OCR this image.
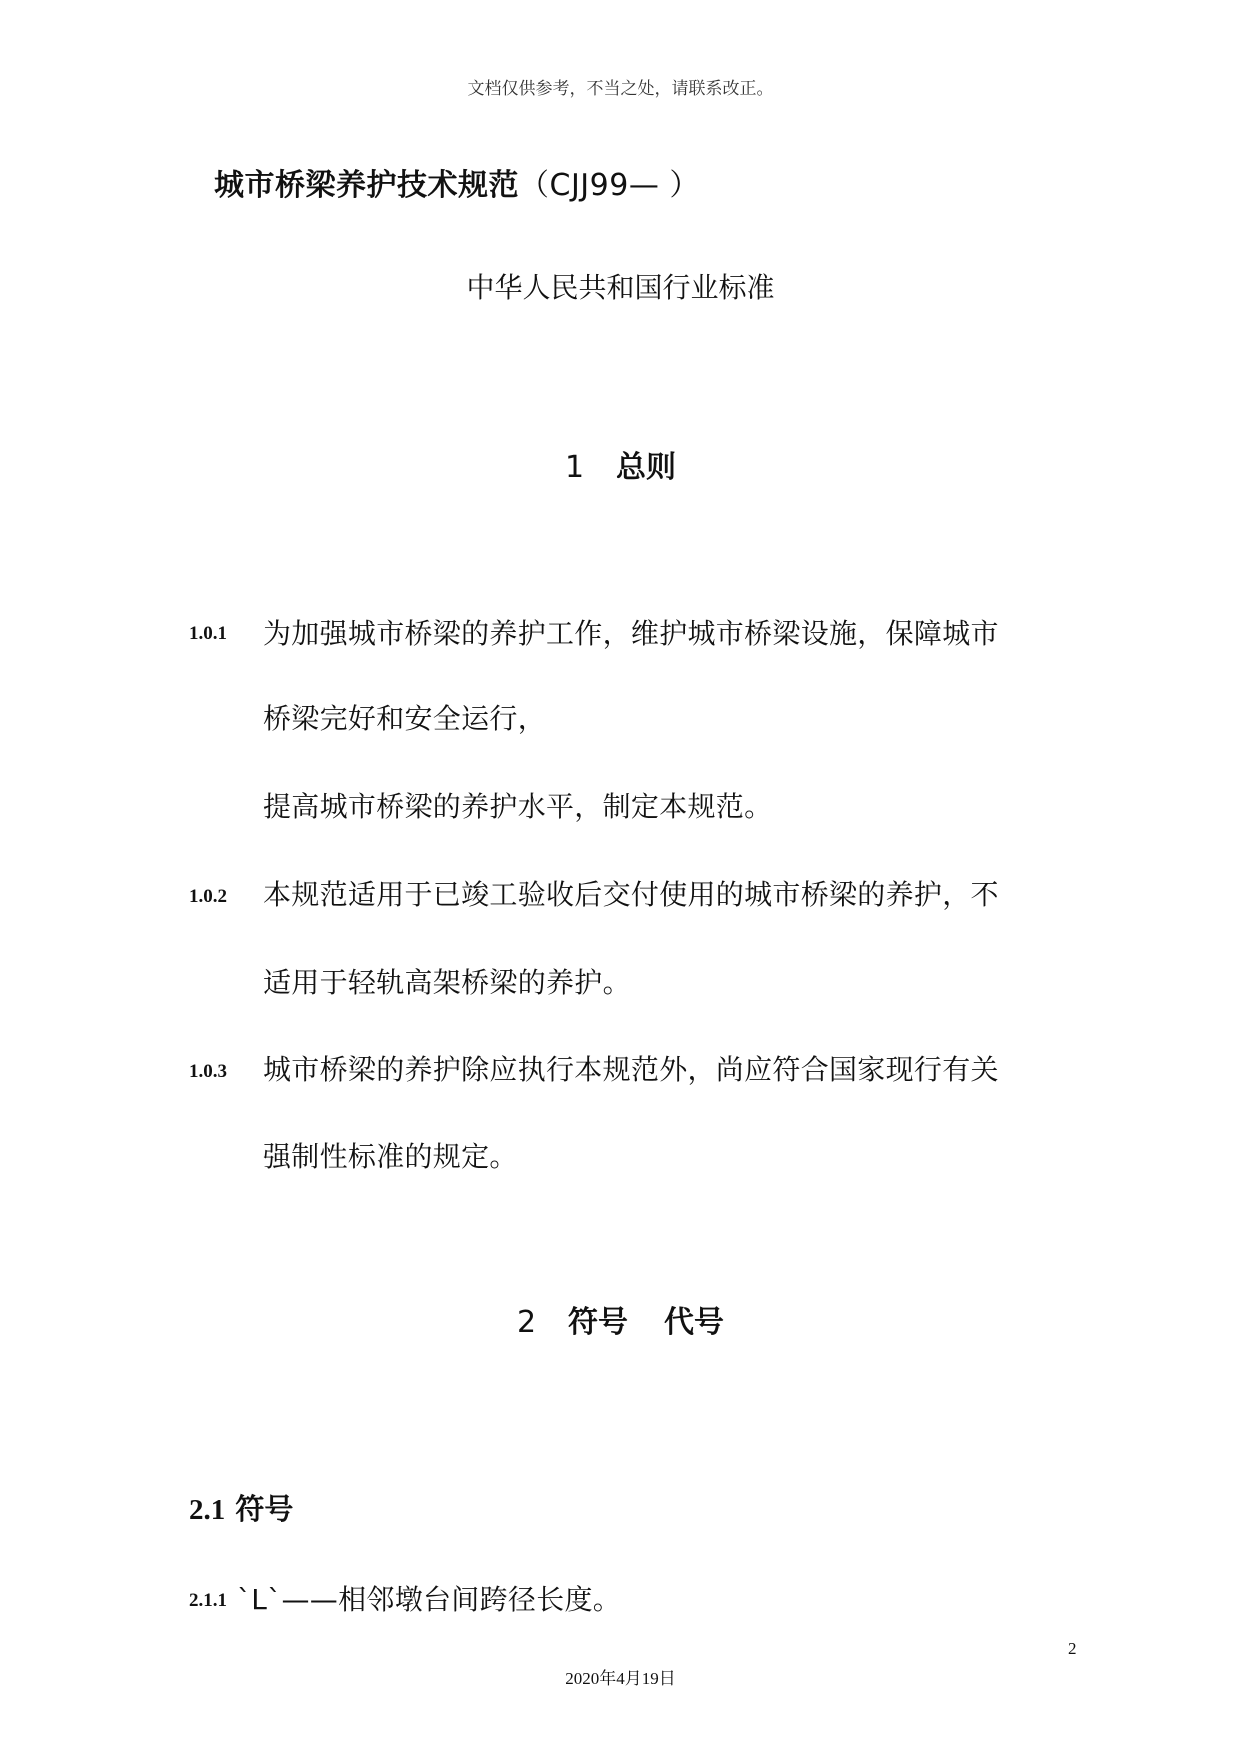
文档仅供参考，不当之处，请联系改正。
城市桥梁养护技术规范（CJJ99— ）
中华人民共和国行业标准
1 总则
1.0.1 为加强城市桥梁的养护工作，维护城市桥梁设施，保障城市
桥梁完好和安全运行，
提高城市桥梁的养护水平，制定本规范。
1.0.2 本规范适用于已竣工验收后交付使用的城市桥梁的养护，不
适用于轻轨高架桥梁的养护。
1.0.3 城市桥梁的养护除应执行本规范外，尚应符合国家现行有关
强制性标准的规定。
2 符号 代号
2.1 符号
2.1.1 `L`——相邻墩台间跨径长度。
2
2020年4月19日
